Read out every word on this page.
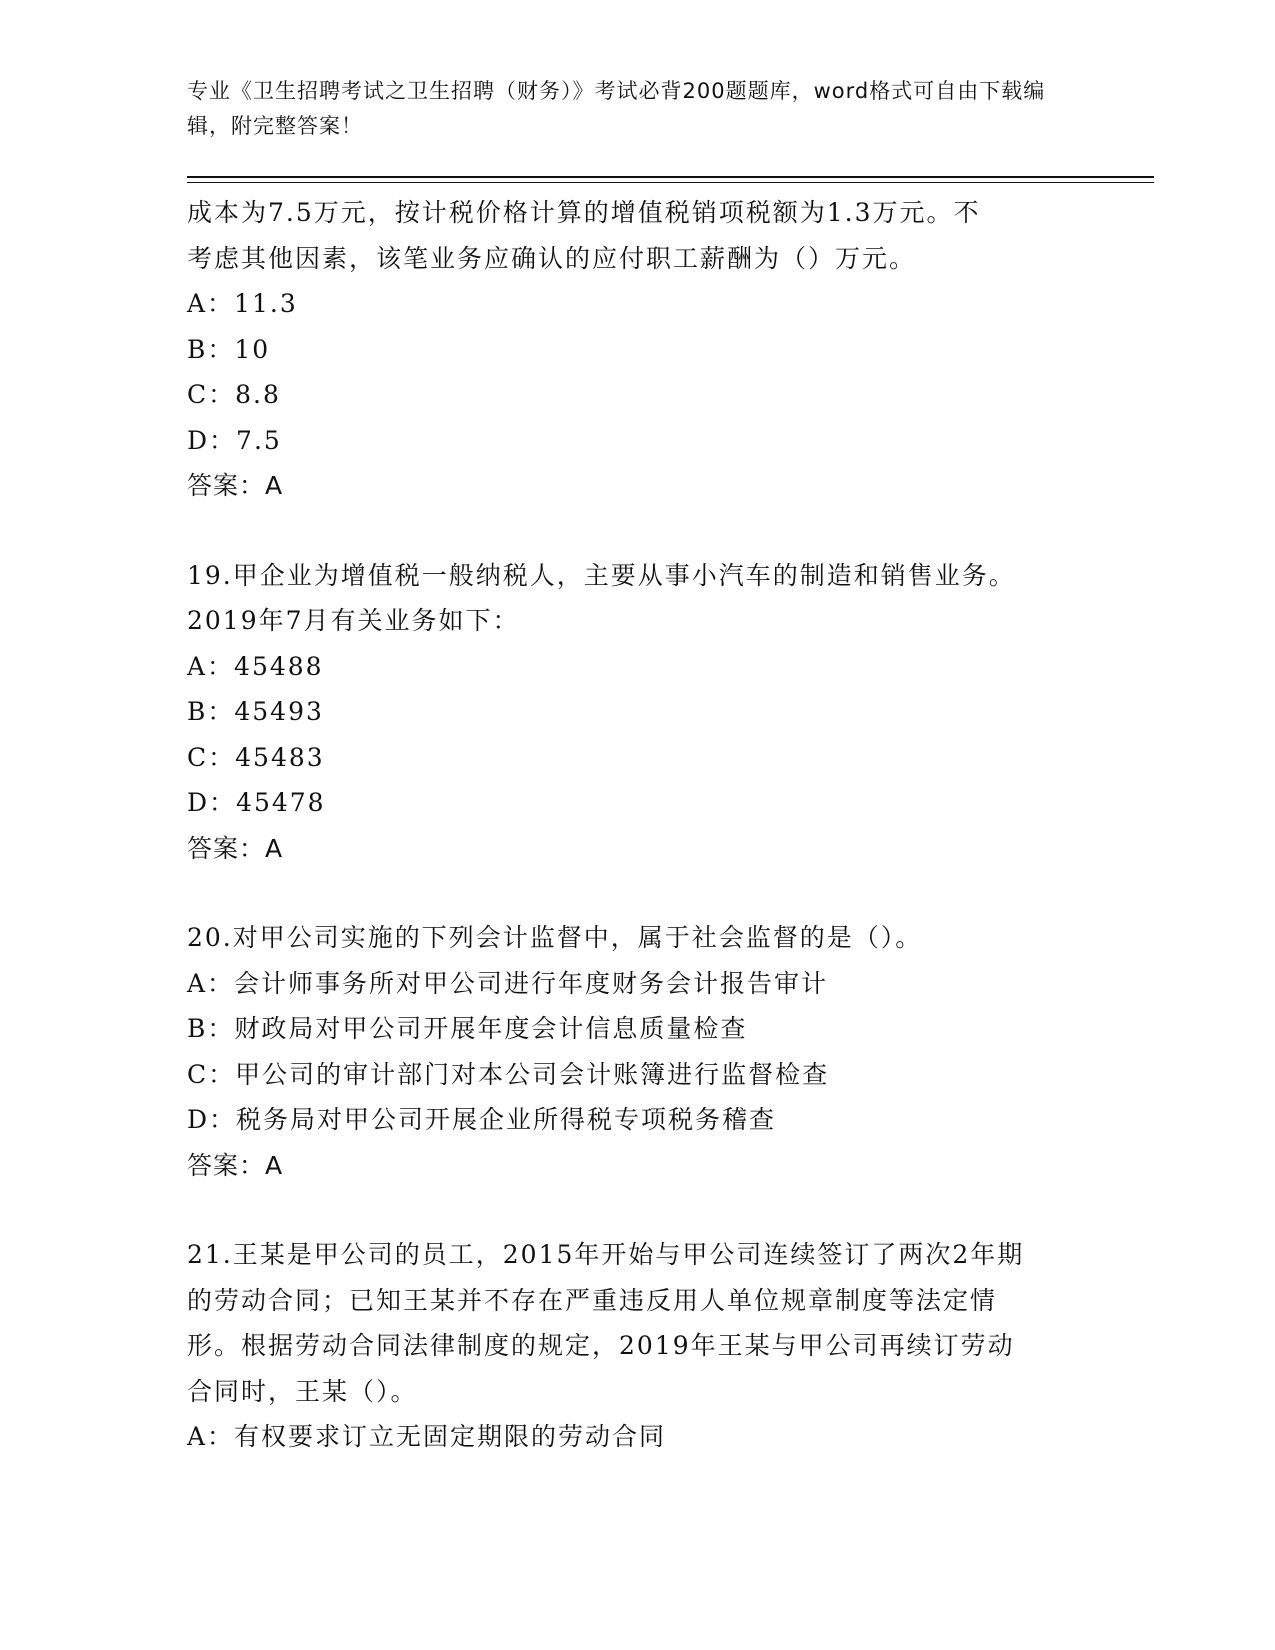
专业《卫生招聘考试之卫生招聘（财务）》考试必背200题题库，word格式可自由下载编辑，附完整答案！
成本为7.5万元，按计税价格计算的增值税销项税额为1.3万元。不
考虑其他因素，该笔业务应确认的应付职工薪酬为（）万元。
A：11.3
B：10
C：8.8
D：7.5
答案：A
19.甲企业为增值税一般纳税人，主要从事小汽车的制造和销售业务。
2019年7月有关业务如下：
A：45488
B：45493
C：45483
D：45478
答案：A
20.对甲公司实施的下列会计监督中，属于社会监督的是（）。
A：会计师事务所对甲公司进行年度财务会计报告审计
B：财政局对甲公司开展年度会计信息质量检查
C：甲公司的审计部门对本公司会计账簿进行监督检查
D：税务局对甲公司开展企业所得税专项税务稽查
答案：A
21.王某是甲公司的员工，2015年开始与甲公司连续签订了两次2年期
的劳动合同；已知王某并不存在严重违反用人单位规章制度等法定情
形。根据劳动合同法律制度的规定，2019年王某与甲公司再续订劳动
合同时，王某（）。
A：有权要求订立无固定期限的劳动合同
